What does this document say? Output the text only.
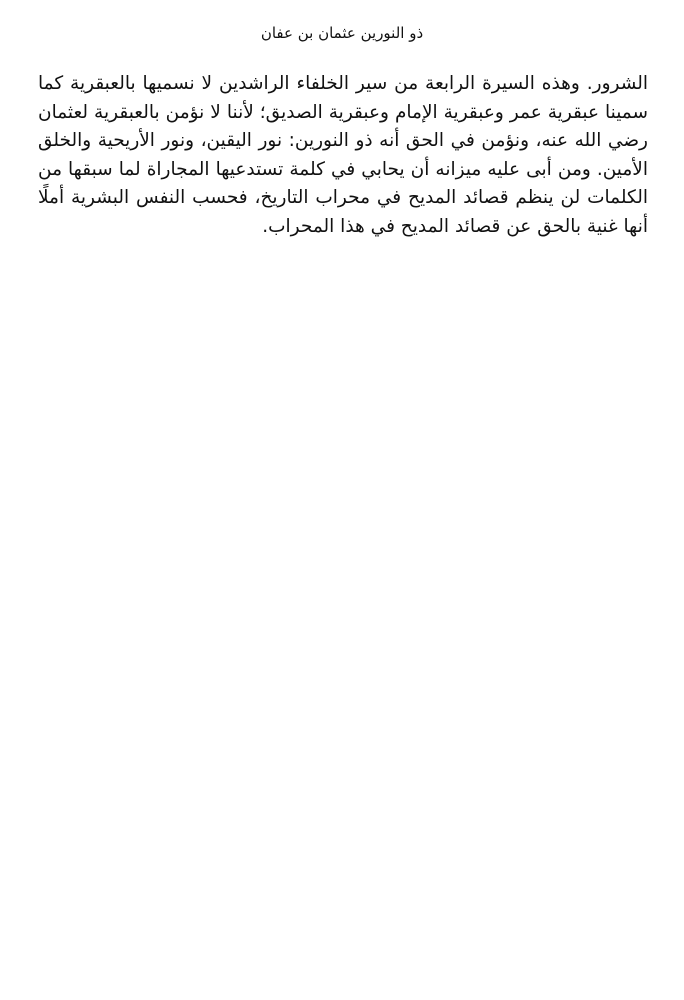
ذو النورين عثمان بن عفان

الشرور. وهذه السيرة الرابعة من سير الخلفاء الراشدين لا نسميها بالعبقرية كما سمينا عبقرية عمر وعبقرية الإمام وعبقرية الصديق؛ لأننا لا نؤمن بالعبقرية لعثمان رضي الله عنه، ونؤمن في الحق أنه ذو النورين: نور اليقين، ونور الأريحية والخلق الأمين. ومن أبى عليه ميزانه أن يحابي في كلمة تستدعيها المجاراة لما سبقها من الكلمات لن ينظم قصائد المديح في محراب التاريخ، فحسب النفس البشرية أملًا أنها غنية بالحق عن قصائد المديح في هذا المحراب.
